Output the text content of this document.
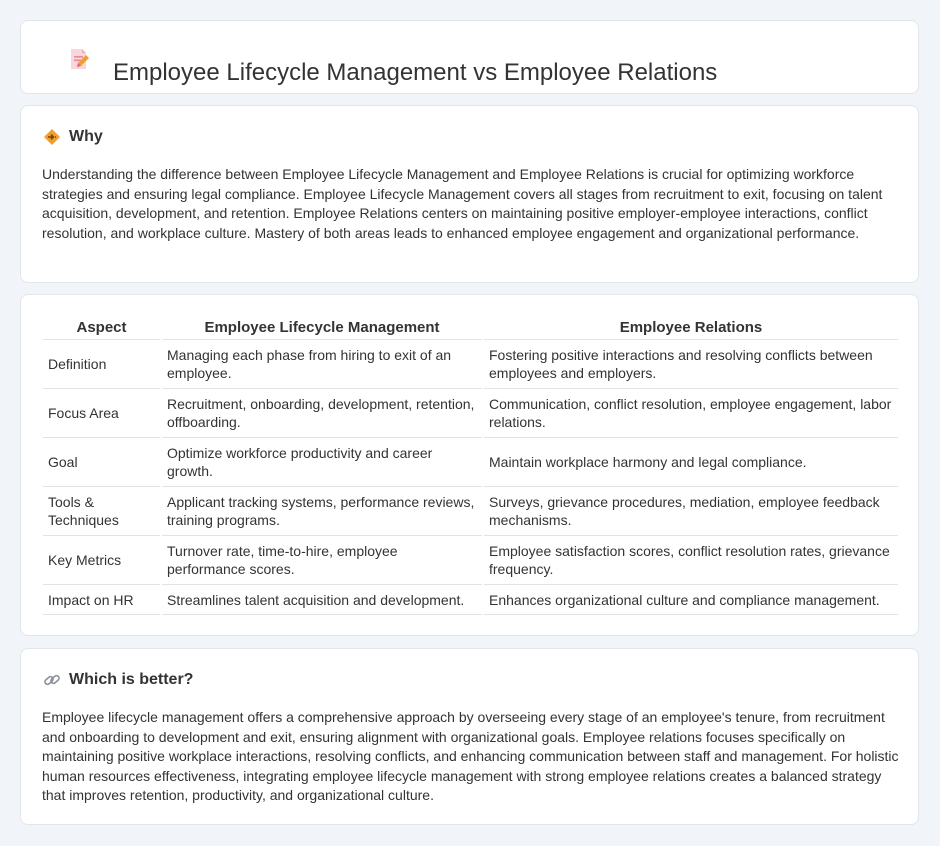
Employee Lifecycle Management vs Employee Relations
Why

Understanding the difference between Employee Lifecycle Management and Employee Relations is crucial for optimizing workforce strategies and ensuring legal compliance. Employee Lifecycle Management covers all stages from recruitment to exit, focusing on talent acquisition, development, and retention. Employee Relations centers on maintaining positive employer-employee interactions, conflict resolution, and workplace culture. Mastery of both areas leads to enhanced employee engagement and organizational performance.

Aspect	Employee Lifecycle Management	Employee Relations
Definition	Managing each phase from hiring to exit of an employee.	Fostering positive interactions and resolving conflicts between employees and employers.
Focus Area	Recruitment, onboarding, development, retention, offboarding.	Communication, conflict resolution, employee engagement, labor relations.
Goal	Optimize workforce productivity and career growth.	Maintain workplace harmony and legal compliance.
Tools & Techniques	Applicant tracking systems, performance reviews, training programs.	Surveys, grievance procedures, mediation, employee feedback mechanisms.
Key Metrics	Turnover rate, time-to-hire, employee performance scores.	Employee satisfaction scores, conflict resolution rates, grievance frequency.
Impact on HR	Streamlines talent acquisition and development.	Enhances organizational culture and compliance management.
Which is better?

Employee lifecycle management offers a comprehensive approach by overseeing every stage of an employee's tenure, from recruitment and onboarding to development and exit, ensuring alignment with organizational goals. Employee relations focuses specifically on maintaining positive workplace interactions, resolving conflicts, and enhancing communication between staff and management. For holistic human resources effectiveness, integrating employee lifecycle management with strong employee relations creates a balanced strategy that improves retention, productivity, and organizational culture.
